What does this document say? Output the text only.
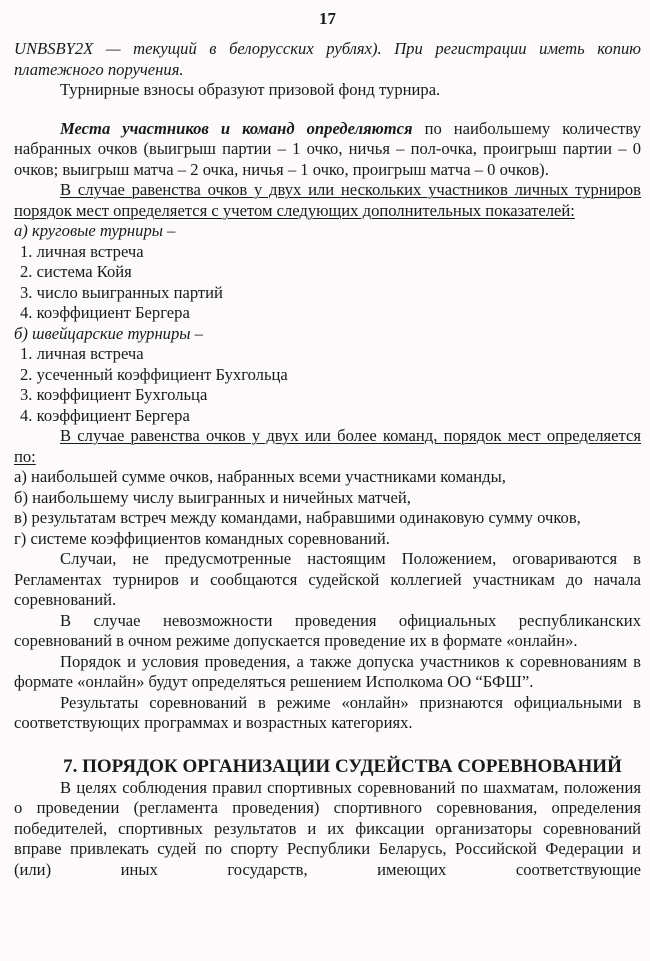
17

UNBSBY2X — текущий в белорусских рублях). При регистрации иметь копию платежного поручения.

Турнирные взносы образуют призовой фонд турнира.

Места участников и команд определяются по наибольшему количеству набранных очков (выигрыш партии – 1 очко, ничья – пол-очка, проигрыш партии – 0 очков; выигрыш матча – 2 очка, ничья – 1 очко, проигрыш матча – 0 очков).

В случае равенства очков у двух или нескольких участников личных турниров порядок мест определяется с учетом следующих дополнительных показателей:

а) круговые турниры –
1. личная встреча
2. система Койя
3. число выигранных партий
4. коэффициент Бергера
б) швейцарские турниры –
1. личная встреча
2. усеченный коэффициент Бухгольца
3. коэффициент Бухгольца
4. коэффициент Бергера

В случае равенства очков у двух или более команд, порядок мест определяется по:

а) наибольшей сумме очков, набранных всеми участниками команды,
б) наибольшему числу выигранных и ничейных матчей,
в) результатам встреч между командами, набравшими одинаковую сумму очков,
г) системе коэффициентов командных соревнований.

Случаи, не предусмотренные настоящим Положением, оговариваются в Регламентах турниров и сообщаются судейской коллегией участникам до начала соревнований.

В случае невозможности проведения официальных республиканских соревнований в очном режиме допускается проведение их в формате «онлайн».

Порядок и условия проведения, а также допуска участников к соревнованиям в формате «онлайн» будут определяться решением Исполкома ОО “БФШ”.

Результаты соревнований в режиме «онлайн» признаются официальными в соответствующих программах и возрастных категориях.

7. ПОРЯДОК ОРГАНИЗАЦИИ СУДЕЙСТВА СОРЕВНОВАНИЙ

В целях соблюдения правил спортивных соревнований по шахматам, положения о проведении (регламента проведения) спортивного соревнования, определения победителей, спортивных результатов и их фиксации организаторы соревнований вправе привлекать судей по спорту Республики Беларусь, Российской Федерации и (или) иных государств, имеющих соответствующие
